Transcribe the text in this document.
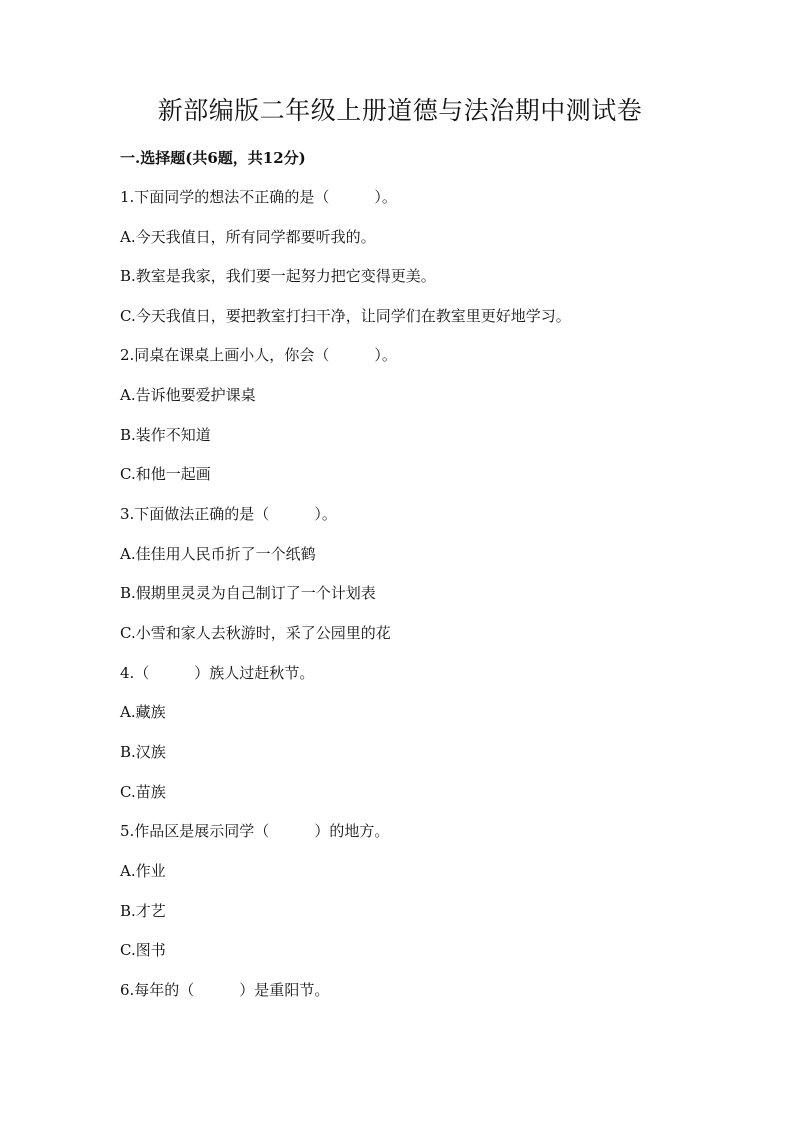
新部编版二年级上册道德与法治期中测试卷
一.选择题(共6题，共12分)
1.下面同学的想法不正确的是（　　　）。
A.今天我值日，所有同学都要听我的。
B.教室是我家，我们要一起努力把它变得更美。
C.今天我值日，要把教室打扫干净，让同学们在教室里更好地学习。
2.同桌在课桌上画小人，你会（　　　）。
A.告诉他要爱护课桌
B.装作不知道
C.和他一起画
3.下面做法正确的是（　　　）。
A.佳佳用人民币折了一个纸鹤
B.假期里灵灵为自己制订了一个计划表
C.小雪和家人去秋游时，采了公园里的花
4.（　　　）族人过赶秋节。
A.藏族
B.汉族
C.苗族
5.作品区是展示同学（　　　）的地方。
A.作业
B.才艺
C.图书
6.每年的（　　　）是重阳节。
